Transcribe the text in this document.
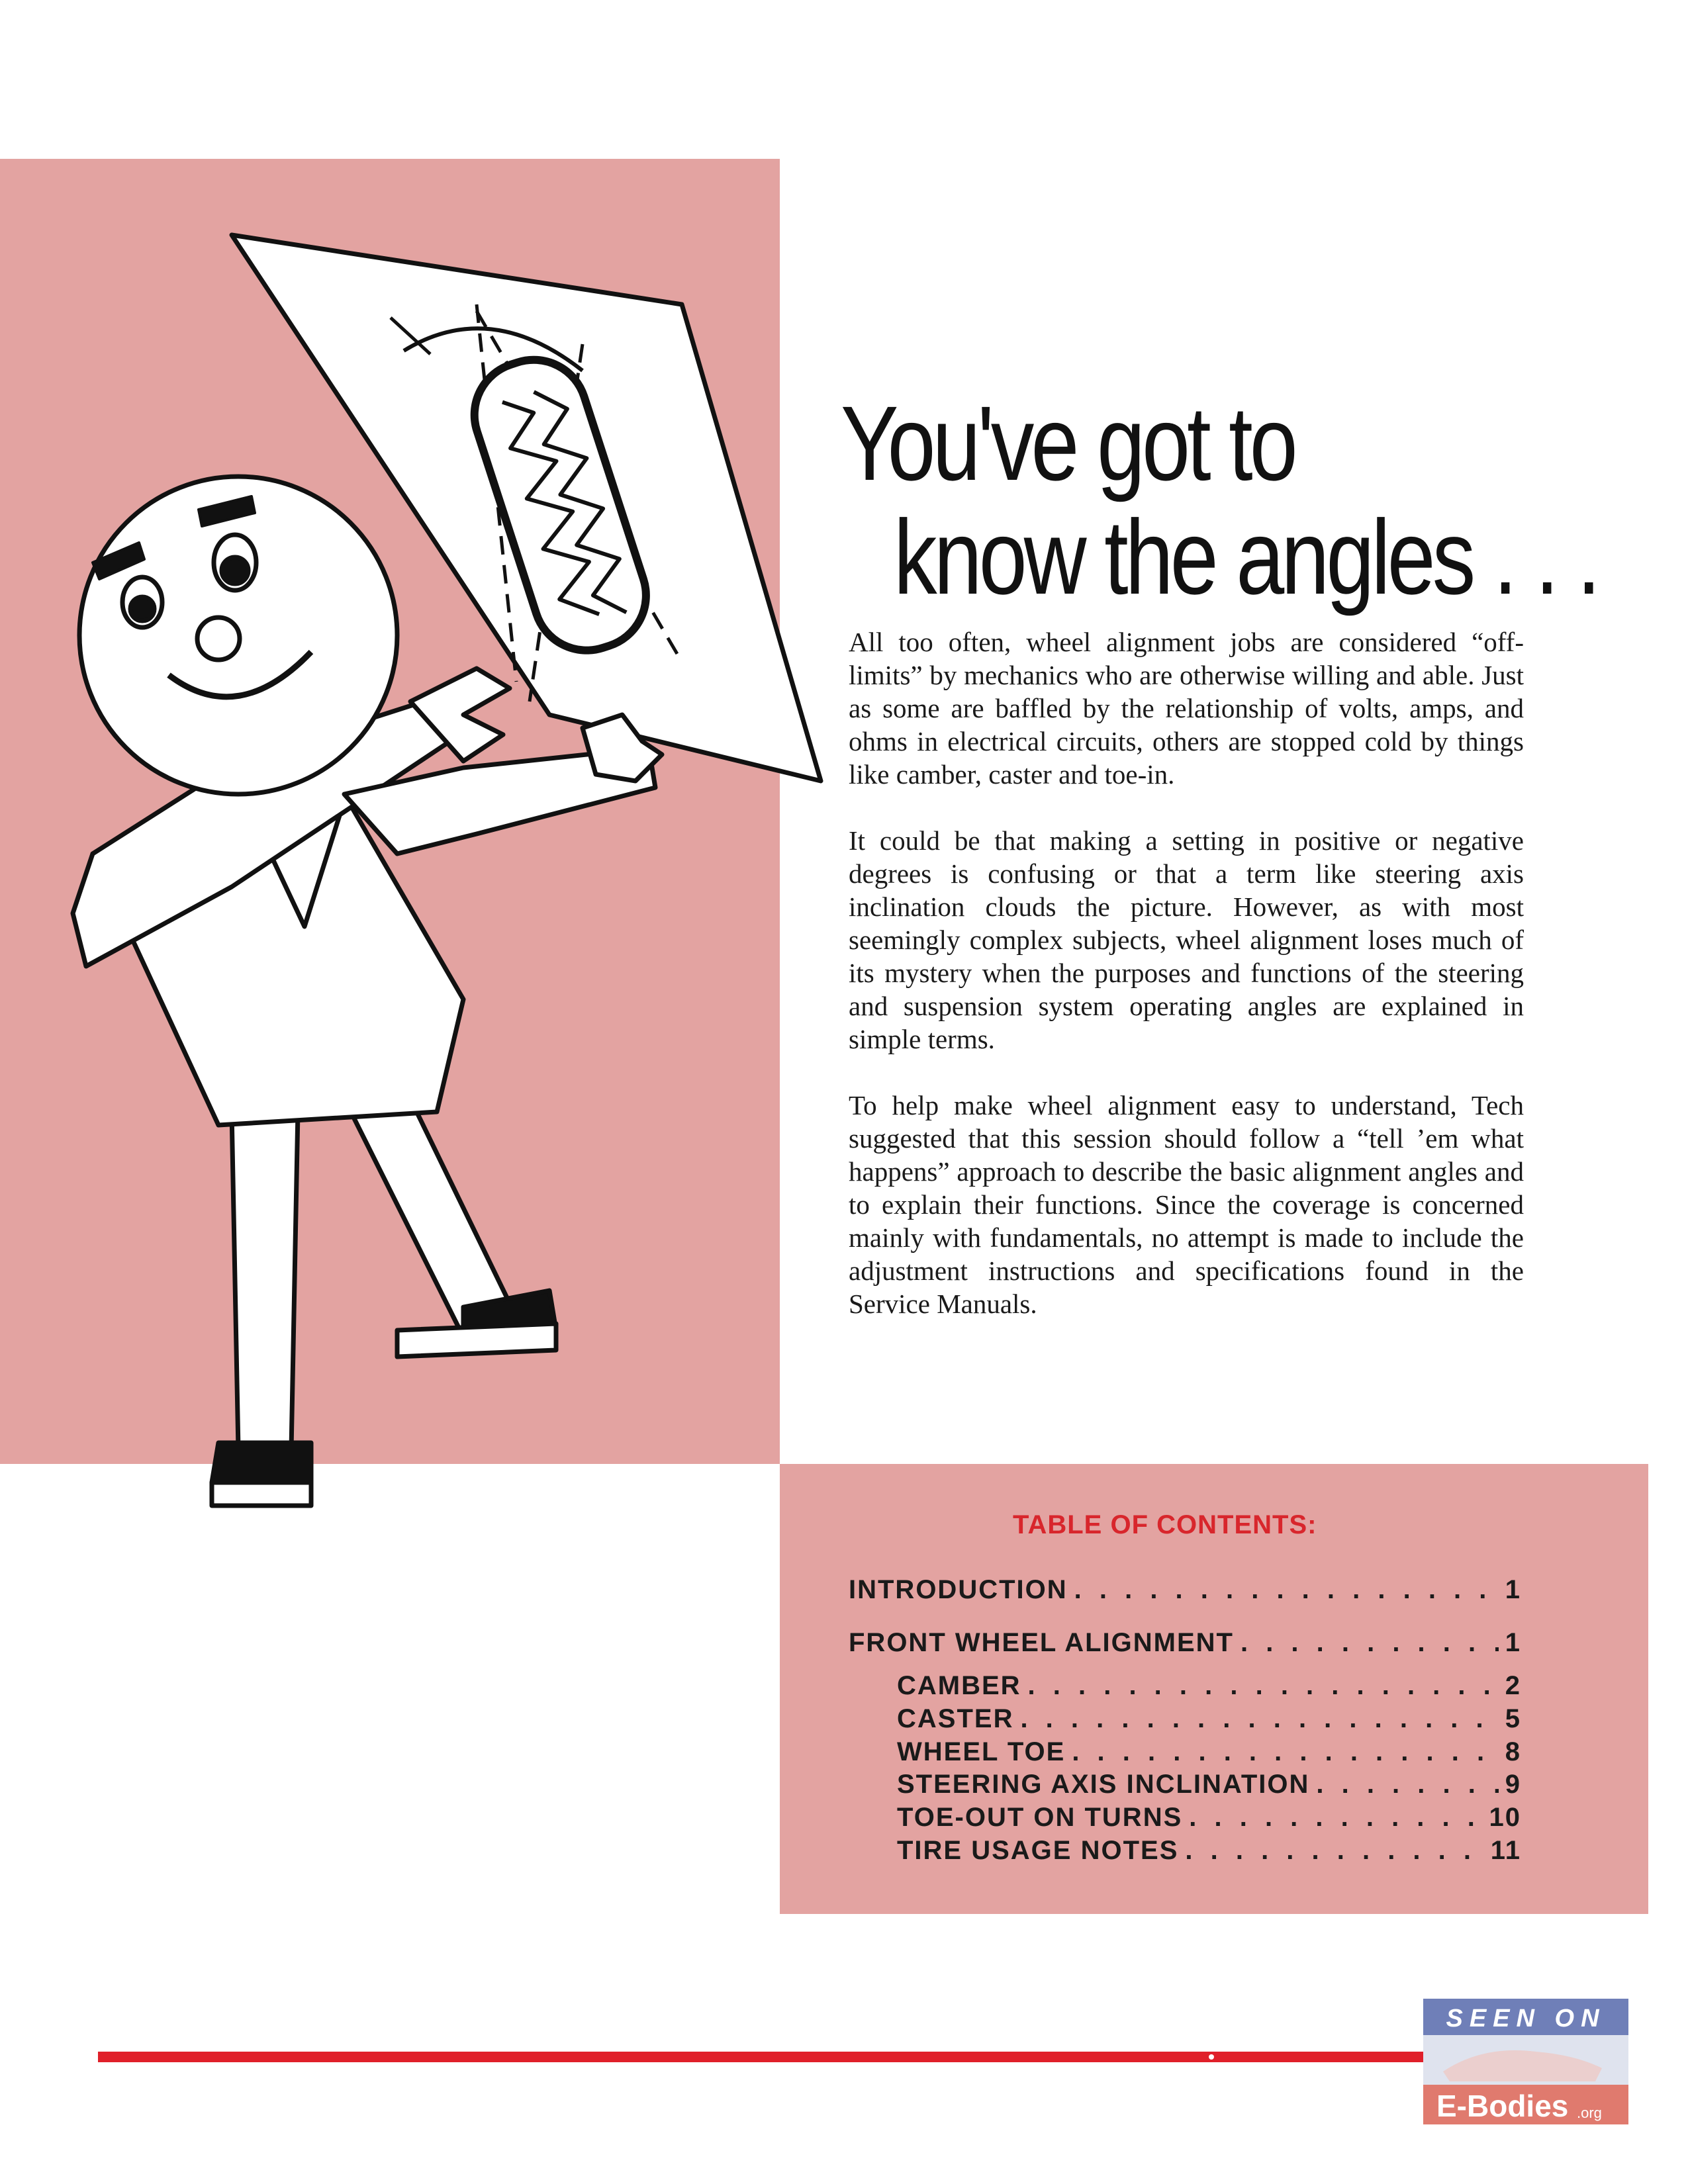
You've got to
know the angles . . .

All too often, wheel alignment jobs are considered “off-limits” by mechanics who are otherwise willing and able. Just as some are baffled by the relationship of volts, amps, and ohms in electrical circuits, others are stopped cold by things like camber, caster and toe-in.

It could be that making a setting in positive or negative degrees is confusing or that a term like steering axis inclination clouds the picture. However, as with most seemingly complex subjects, wheel alignment loses much of its mystery when the purposes and functions of the steering and suspension system operating angles are explained in simple terms.

To help make wheel alignment easy to understand, Tech suggested that this session should follow a “tell ’em what happens” approach to describe the basic alignment angles and to explain their functions. Since the coverage is concerned mainly with fundamentals, no attempt is made to include the adjustment instructions and specifications found in the Service Manuals.

TABLE OF CONTENTS:
INTRODUCTION . . .	1
FRONT WHEEL ALIGNMENT . . .	1
CAMBER . . .	2
CASTER . . .	5
WHEEL TOE . . .	8
STEERING AXIS INCLINATION . . .	9
TOE-OUT ON TURNS . . .	10
TIRE USAGE NOTES . . .	11
SEEN ON
E-Bodies .org
